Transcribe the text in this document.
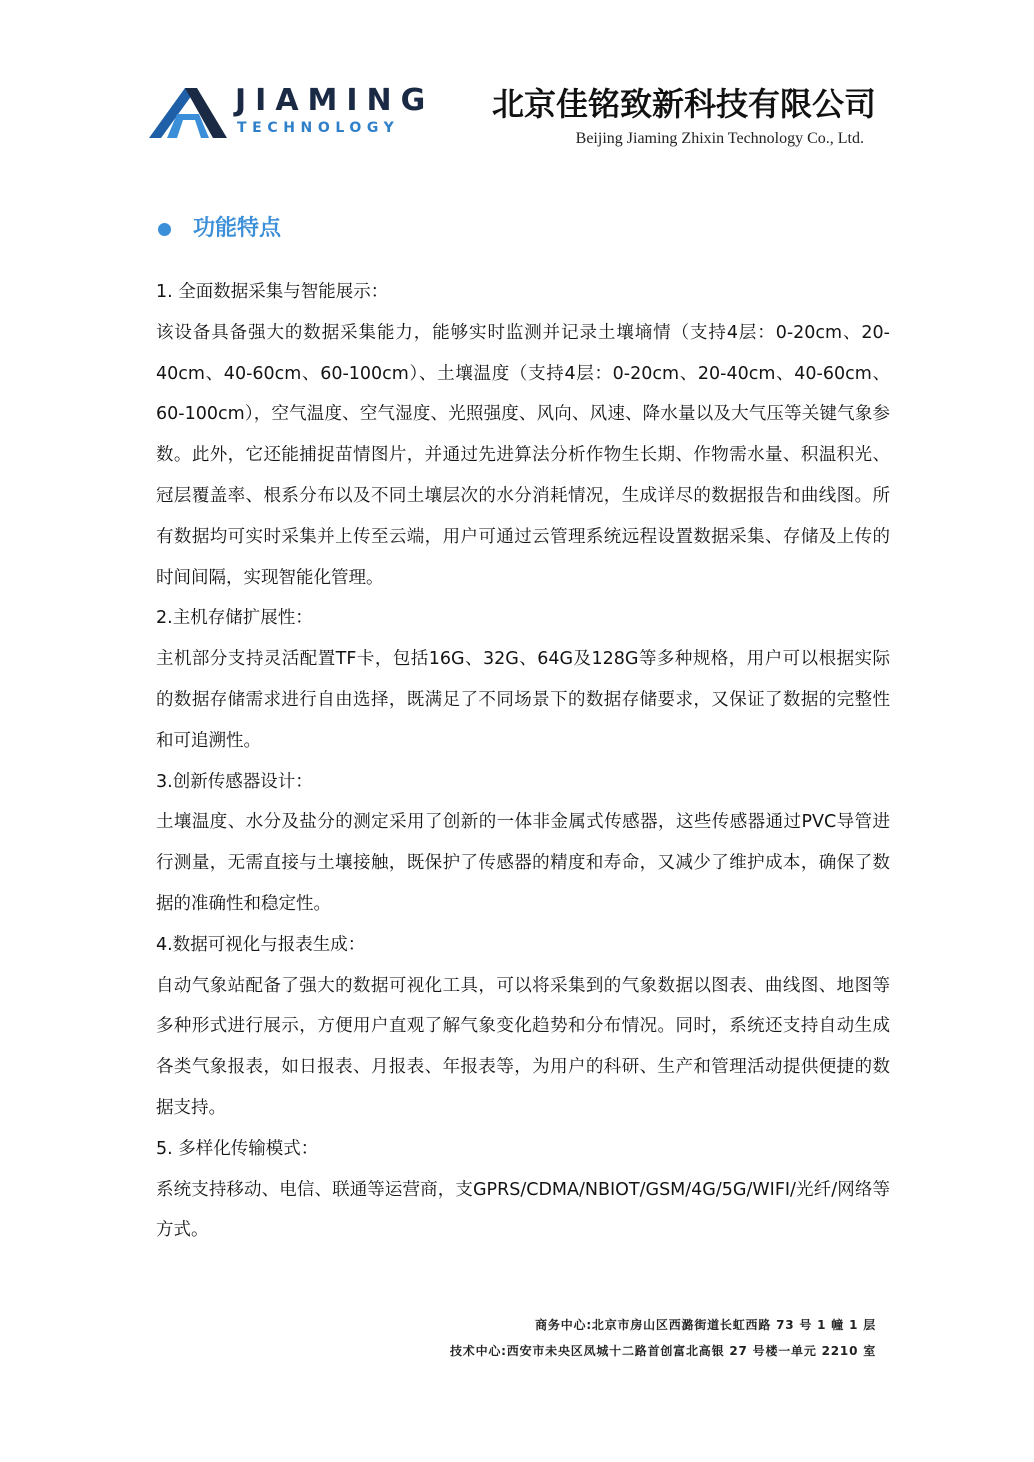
JIAMING
TECHNOLOGY
北京佳铭致新科技有限公司
Beijing Jiaming Zhixin Technology Co., Ltd.
功能特点

1. 全面数据采集与智能展示：

该设备具备强大的数据采集能力，能够实时监测并记录土壤墒情（支持4层：0-20cm、20-40cm、40-60cm、60-100cm）、土壤温度（支持4层：0-20cm、20-40cm、40-60cm、60-100cm），空气温度、空气湿度、光照强度、风向、风速、降水量以及大气压等关键气象参数。此外，它还能捕捉苗情图片，并通过先进算法分析作物生长期、作物需水量、积温积光、冠层覆盖率、根系分布以及不同土壤层次的水分消耗情况，生成详尽的数据报告和曲线图。所有数据均可实时采集并上传至云端，用户可通过云管理系统远程设置数据采集、存储及上传的时间间隔，实现智能化管理。

2.主机存储扩展性：

主机部分支持灵活配置TF卡，包括16G、32G、64G及128G等多种规格，用户可以根据实际的数据存储需求进行自由选择，既满足了不同场景下的数据存储要求，又保证了数据的完整性和可追溯性。

3.创新传感器设计：

土壤温度、水分及盐分的测定采用了创新的一体非金属式传感器，这些传感器通过PVC导管进行测量，无需直接与土壤接触，既保护了传感器的精度和寿命，又减少了维护成本，确保了数据的准确性和稳定性。

4.数据可视化与报表生成：

自动气象站配备了强大的数据可视化工具，可以将采集到的气象数据以图表、曲线图、地图等多种形式进行展示，方便用户直观了解气象变化趋势和分布情况。同时，系统还支持自动生成各类气象报表，如日报表、月报表、年报表等，为用户的科研、生产和管理活动提供便捷的数据支持。

5. 多样化传输模式：

系统支持移动、电信、联通等运营商，支GPRS/CDMA/NBIOT/GSM/4G/5G/WIFI/光纤/网络等方式。

商务中心:北京市房山区西潞街道长虹西路 73 号 1 幢 1 层
技术中心:西安市未央区凤城十二路首创富北高银 27 号楼一单元 2210 室
